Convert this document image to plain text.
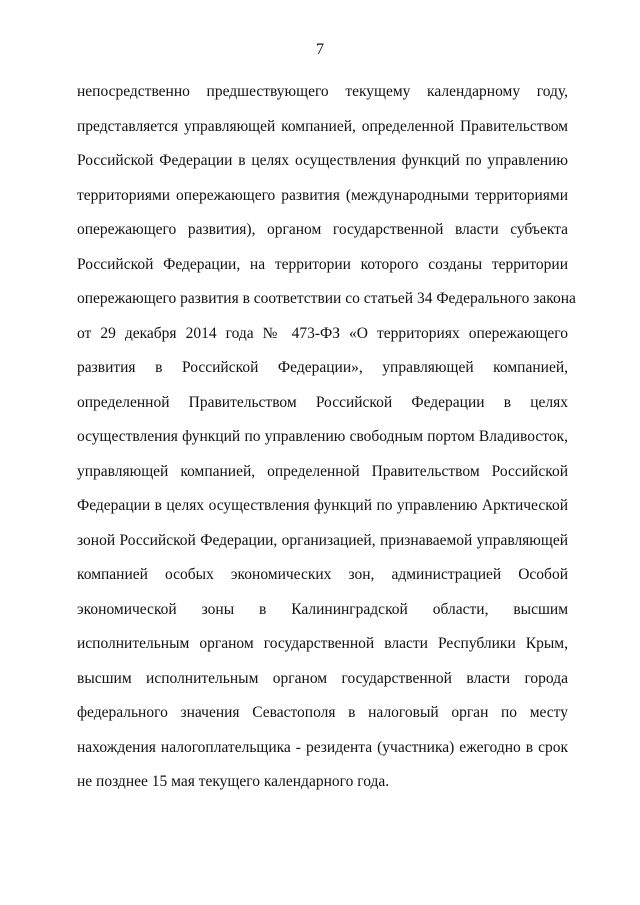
7
непосредственно предшествующего текущему календарному году,
представляется управляющей компанией, определенной Правительством
Российской Федерации в целях осуществления функций по управлению
территориями опережающего развития (международными территориями
опережающего развития), органом государственной власти субъекта
Российской Федерации, на территории которого созданы территории
опережающего развития в соответствии со статьей 34 Федерального закона
от 29 декабря 2014 года № 473-ФЗ «О территориях опережающего
развития в Российской Федерации», управляющей компанией,
определенной Правительством Российской Федерации в целях
осуществления функций по управлению свободным портом Владивосток,
управляющей компанией, определенной Правительством Российской
Федерации в целях осуществления функций по управлению Арктической
зоной Российской Федерации, организацией, признаваемой управляющей
компанией особых экономических зон, администрацией Особой
экономической зоны в Калининградской области, высшим
исполнительным органом государственной власти Республики Крым,
высшим исполнительным органом государственной власти города
федерального значения Севастополя в налоговый орган по месту
нахождения налогоплательщика - резидента (участника) ежегодно в срок
не позднее 15 мая текущего календарного года.
